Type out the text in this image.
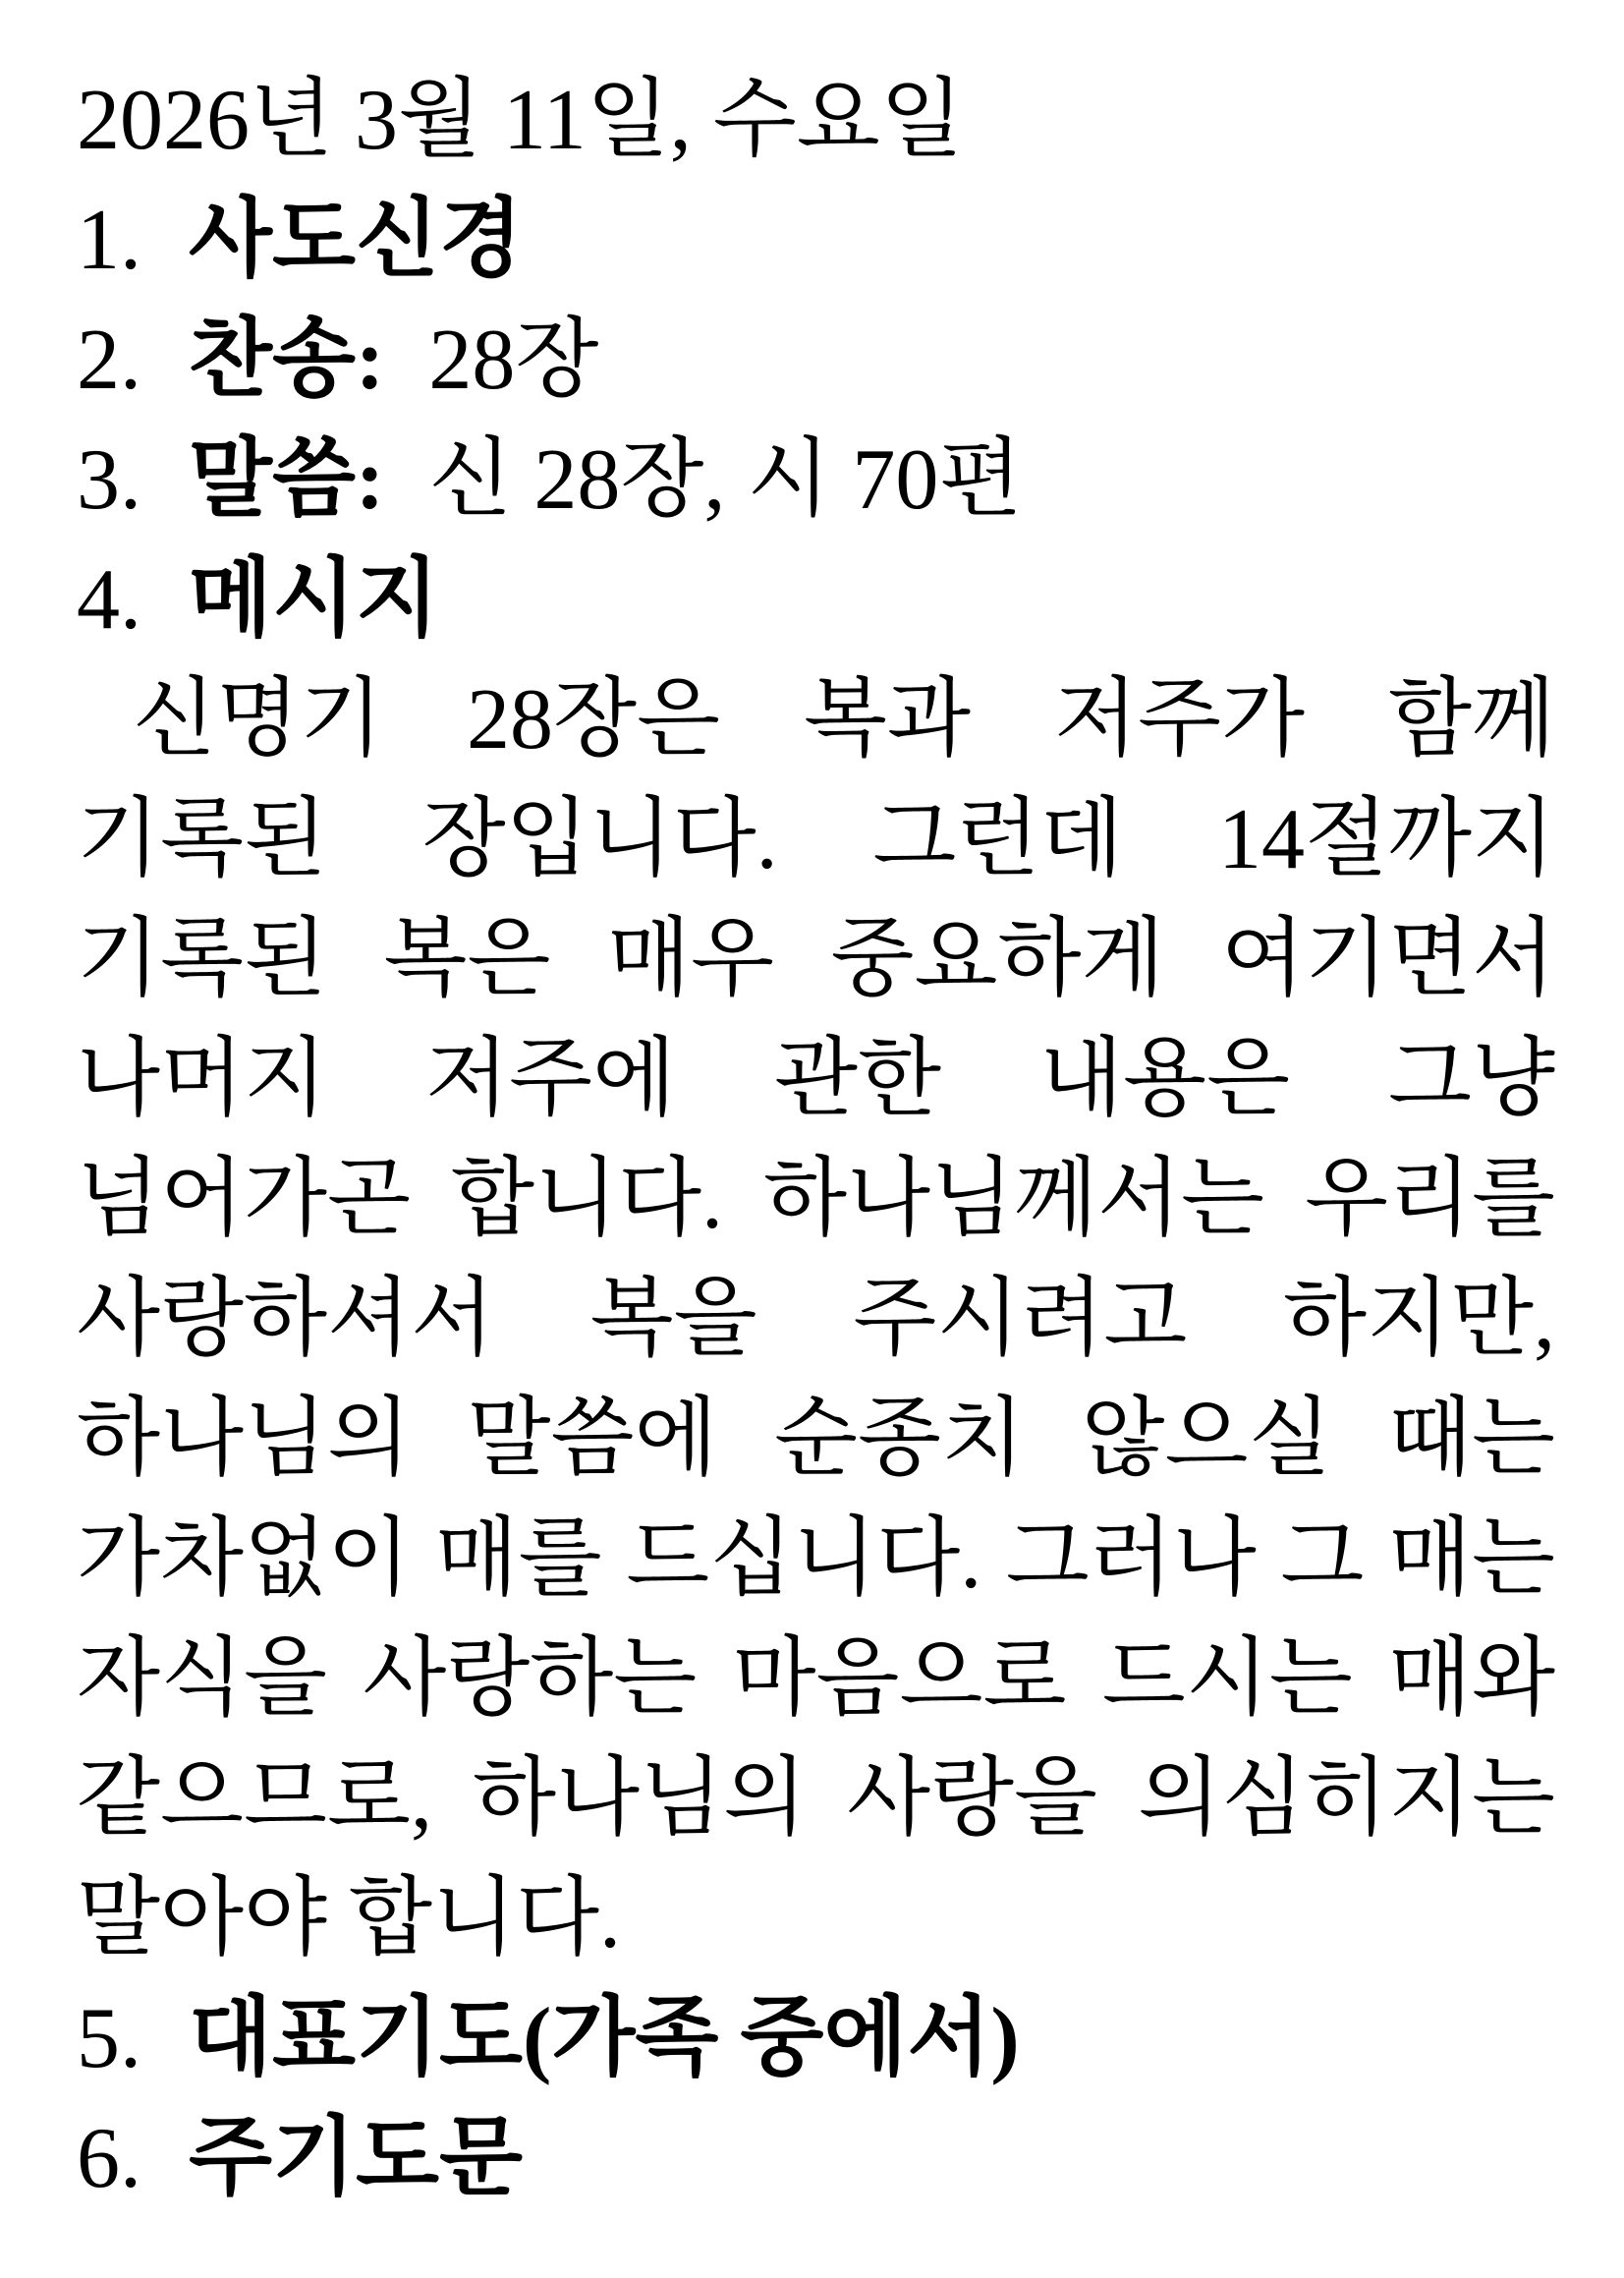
2026년 3월 11일, 수요일
1. 사도신경
2. 찬송: 28장
3. 말씀: 신 28장, 시 70편
4. 메시지

신명기 28장은 복과 저주가 함께 기록된 장입니다. 그런데 14절까지 기록된 복은 매우 중요하게 여기면서 나머지 저주에 관한 내용은 그냥 넘어가곤 합니다. 하나님께서는 우리를 사랑하셔서 복을 주시려고 하지만, 하나님의 말씀에 순종치 않으실 때는 가차없이 매를 드십니다. 그러나 그 매는 자식을 사랑하는 마음으로 드시는 매와 같으므로, 하나님의 사랑을 의심히지는 말아야 합니다.

5. 대표기도(가족 중에서)
6. 주기도문
